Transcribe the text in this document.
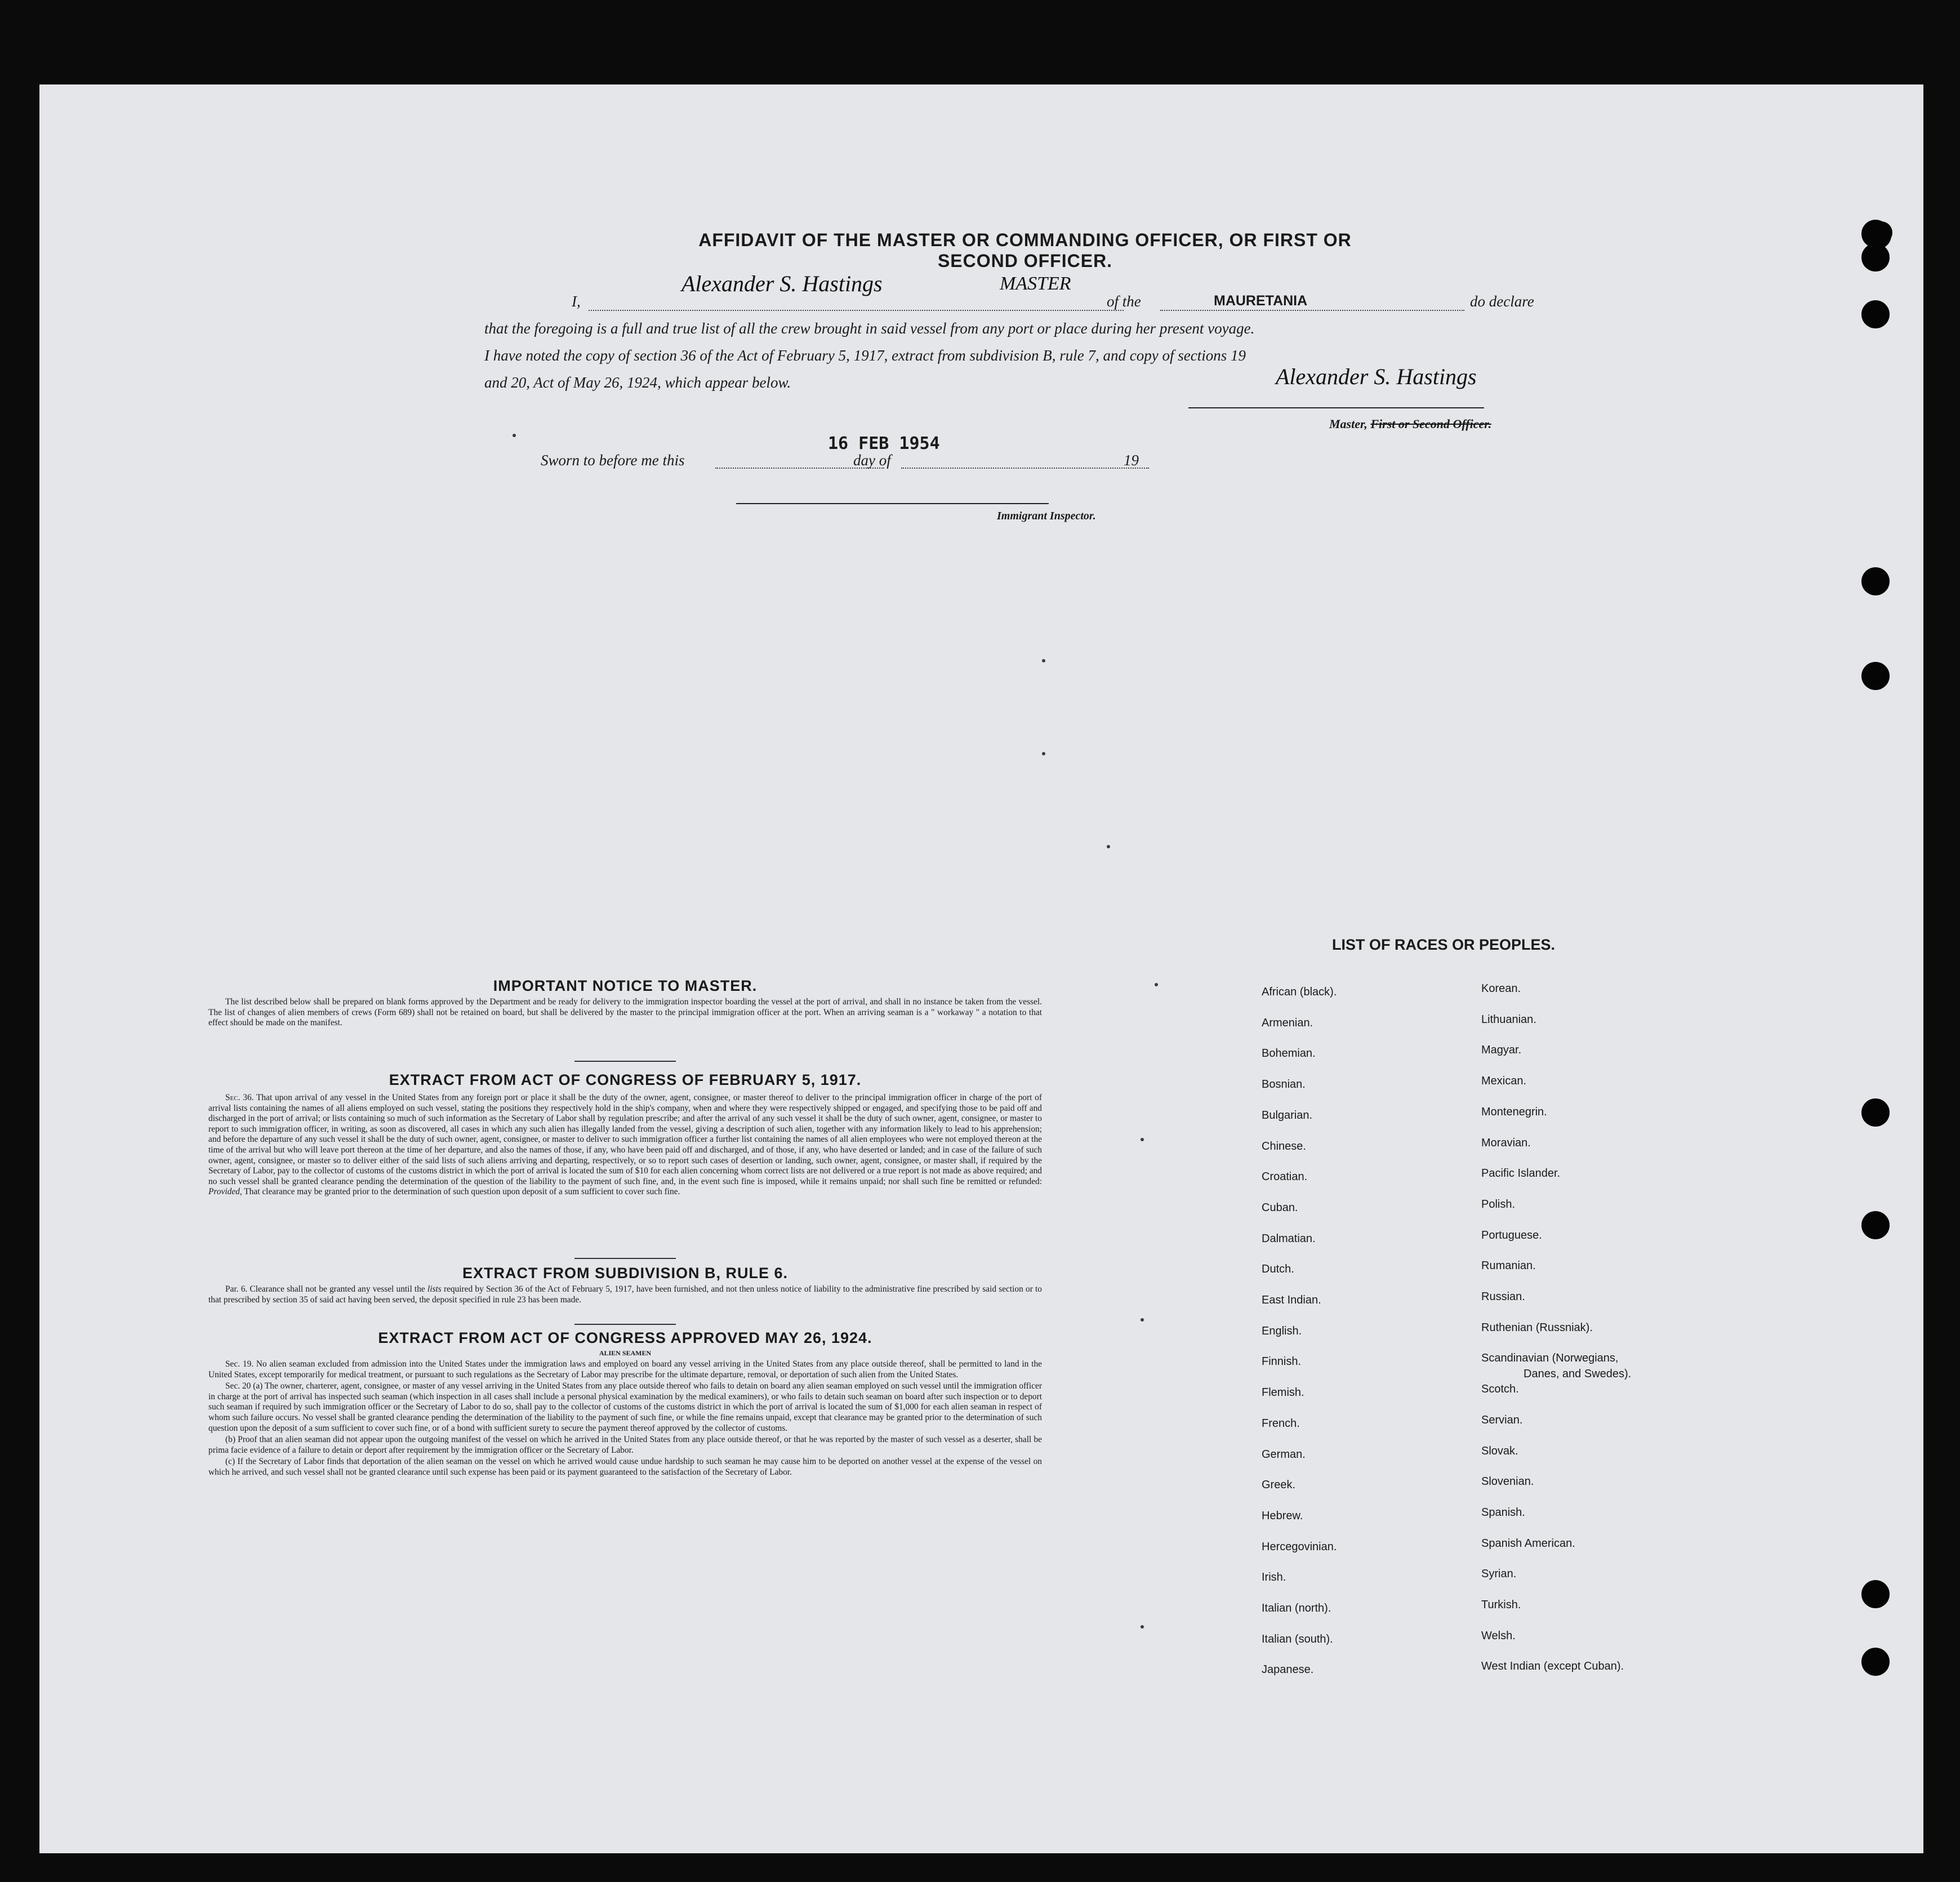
AFFIDAVIT OF THE MASTER OR COMMANDING OFFICER, OR FIRST OR SECOND OFFICER.
I,
Alexander S. Hastings	MASTER
of the	MAURETANIA	do declare
that the foregoing is a full and true list of all the crew brought in said vessel from any port or place during her present voyage.
I have noted the copy of section 36 of the Act of February 5, 1917, extract from subdivision B, rule 7, and copy of sections 19
and 20, Act of May 26, 1924, which appear below.	Alexander S. Hastings
Master, First or Second Officer.
Sworn to before me this
16 FEB 1954
day of	19
Immigrant Inspector.
IMPORTANT NOTICE TO MASTER.

The list described below shall be prepared on blank forms approved by the Department and be ready for delivery to the immigration inspector boarding the vessel at the port of arrival, and shall in no instance be taken from the vessel. The list of changes of alien members of crews (Form 689) shall not be retained on board, but shall be delivered by the master to the principal immigration officer at the port. When an arriving seaman is a " workaway " a notation to that effect should be made on the manifest.

EXTRACT FROM ACT OF CONGRESS OF FEBRUARY 5, 1917.

Sec. 36. That upon arrival of any vessel in the United States from any foreign port or place it shall be the duty of the owner, agent, consignee, or master thereof to deliver to the principal immigration officer in charge of the port of arrival lists containing the names of all aliens employed on such vessel, stating the positions they respectively hold in the ship's company, when and where they were respectively shipped or engaged, and specifying those to be paid off and discharged in the port of arrival; or lists containing so much of such information as the Secretary of Labor shall by regulation prescribe; and after the arrival of any such vessel it shall be the duty of such owner, agent, consignee, or master to report to such immigration officer, in writing, as soon as discovered, all cases in which any such alien has illegally landed from the vessel, giving a description of such alien, together with any information likely to lead to his apprehension; and before the departure of any such vessel it shall be the duty of such owner, agent, consignee, or master to deliver to such immigration officer a further list containing the names of all alien employees who were not employed thereon at the time of the arrival but who will leave port thereon at the time of her departure, and also the names of those, if any, who have been paid off and discharged, and of those, if any, who have deserted or landed; and in case of the failure of such owner, agent, consignee, or master so to deliver either of the said lists of such aliens arriving and departing, respectively, or so to report such cases of desertion or landing, such owner, agent, consignee, or master shall, if required by the Secretary of Labor, pay to the collector of customs of the customs district in which the port of arrival is located the sum of $10 for each alien concerning whom correct lists are not delivered or a true report is not made as above required; and no such vessel shall be granted clearance pending the determination of the question of the liability to the payment of such fine, and, in the event such fine is imposed, while it remains unpaid; nor shall such fine be remitted or refunded: Provided, That clearance may be granted prior to the determination of such question upon deposit of a sum sufficient to cover such fine.

EXTRACT FROM SUBDIVISION B, RULE 6.

Par. 6. Clearance shall not be granted any vessel until the lists required by Section 36 of the Act of February 5, 1917, have been furnished, and not then unless notice of liability to the administrative fine prescribed by said section or to that prescribed by section 35 of said act having been served, the deposit specified in rule 23 has been made.

EXTRACT FROM ACT OF CONGRESS APPROVED MAY 26, 1924.
ALIEN SEAMEN

Sec. 19. No alien seaman excluded from admission into the United States under the immigration laws and employed on board any vessel arriving in the United States from any place outside thereof, shall be permitted to land in the United States, except temporarily for medical treatment, or pursuant to such regulations as the Secretary of Labor may prescribe for the ultimate departure, removal, or deportation of such alien from the United States.

Sec. 20 (a) The owner, charterer, agent, consignee, or master of any vessel arriving in the United States from any place outside thereof who fails to detain on board any alien seaman employed on such vessel until the immigration officer in charge at the port of arrival has inspected such seaman (which inspection in all cases shall include a personal physical examination by the medical examiners), or who fails to detain such seaman on board after such inspection or to deport such seaman if required by such immigration officer or the Secretary of Labor to do so, shall pay to the collector of customs of the customs district in which the port of arrival is located the sum of $1,000 for each alien seaman in respect of whom such failure occurs. No vessel shall be granted clearance pending the determination of the liability to the payment of such fine, or while the fine remains unpaid, except that clearance may be granted prior to the determination of such question upon the deposit of a sum sufficient to cover such fine, or of a bond with sufficient surety to secure the payment thereof approved by the collector of customs.

(b) Proof that an alien seaman did not appear upon the outgoing manifest of the vessel on which he arrived in the United States from any place outside thereof, or that he was reported by the master of such vessel as a deserter, shall be prima facie evidence of a failure to detain or deport after requirement by the immigration officer or the Secretary of Labor.

(c) If the Secretary of Labor finds that deportation of the alien seaman on the vessel on which he arrived would cause undue hardship to such seaman he may cause him to be deported on another vessel at the expense of the vessel on which he arrived, and such vessel shall not be granted clearance until such expense has been paid or its payment guaranteed to the satisfaction of the Secretary of Labor.

LIST OF RACES OR PEOPLES.
Danes, and Swedes).
African (black).
Armenian.
Bohemian.
Bosnian.
Bulgarian.
Chinese.
Croatian.
Cuban.
Dalmatian.
Dutch.
East Indian.
English.
Finnish.
Flemish.
French.
German.
Greek.
Hebrew.
Hercegovinian.
Irish.
Italian (north).
Italian (south).
Japanese.
Korean.
Lithuanian.
Magyar.
Mexican.
Montenegrin.
Moravian.
Pacific Islander.
Polish.
Portuguese.
Rumanian.
Russian.
Ruthenian (Russniak).
Scandinavian (Norwegians,
Scotch.
Servian.
Slovak.
Slovenian.
Spanish.
Spanish American.
Syrian.
Turkish.
Welsh.
West Indian (except Cuban).
